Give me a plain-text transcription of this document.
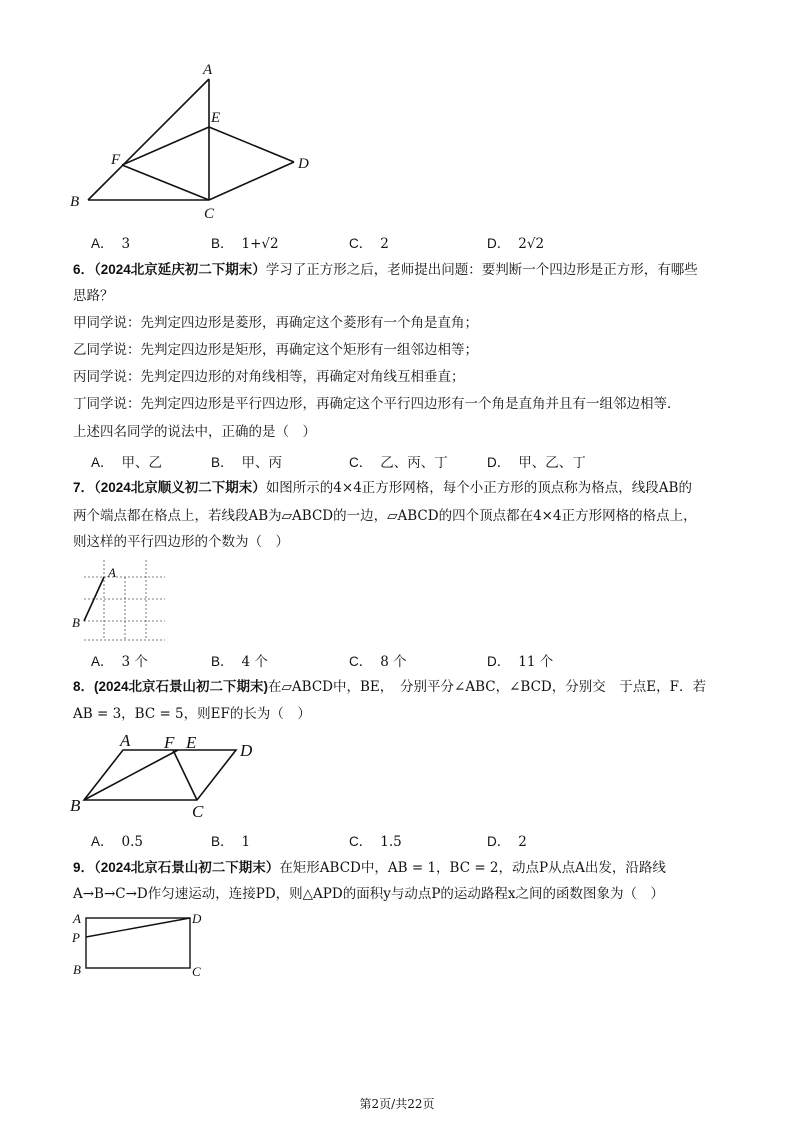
A
E
F	D
B
C
A． 3	B． 1+√2	C． 2	D． 2√2
6．（2024北京延庆初二下期末）学习了正方形之后，老师提出问题：要判断一个四边形是正方形，有哪些
思路？
甲同学说：先判定四边形是菱形，再确定这个菱形有一个角是直角；
乙同学说：先判定四边形是矩形，再确定这个矩形有一组邻边相等；
丙同学说：先判定四边形的对角线相等，再确定对角线互相垂直；
丁同学说：先判定四边形是平行四边形，再确定这个平行四边形有一个角是直角并且有一组邻边相等．
上述四名同学的说法中，正确的是（　）
A． 甲、乙	B． 甲、丙	C． 乙、丙、丁	D． 甲、乙、丁
7．（2024北京顺义初二下期末）如图所示的4×4正方形网格，每个小正方形的顶点称为格点，线段AB的
两个端点都在格点上，若线段AB为▱ABCD的一边，▱ABCD的四个顶点都在4×4正方形网格的格点上，
则这样的平行四边形的个数为（　）
A
B
A． 3 个	B． 4 个	C． 8 个	D． 11 个
8．(2024北京石景山初二下期末)在▱ABCD中，BE，　分别平分∠ABC，∠BCD，分别交　于点E，F．若
AB = 3，BC = 5，则EF的长为（　）
A F E	D
B	C
A． 0.5	B． 1	C． 1.5	D． 2
9．（2024北京石景山初二下期末）在矩形ABCD中，AB = 1，BC = 2，动点P从点A出发，沿路线
A→B→C→D作匀速运动，连接PD，则△APD的面积y与动点P的运动路程x之间的函数图象为（　）
A	D
P
B	C
第2页/共22页
